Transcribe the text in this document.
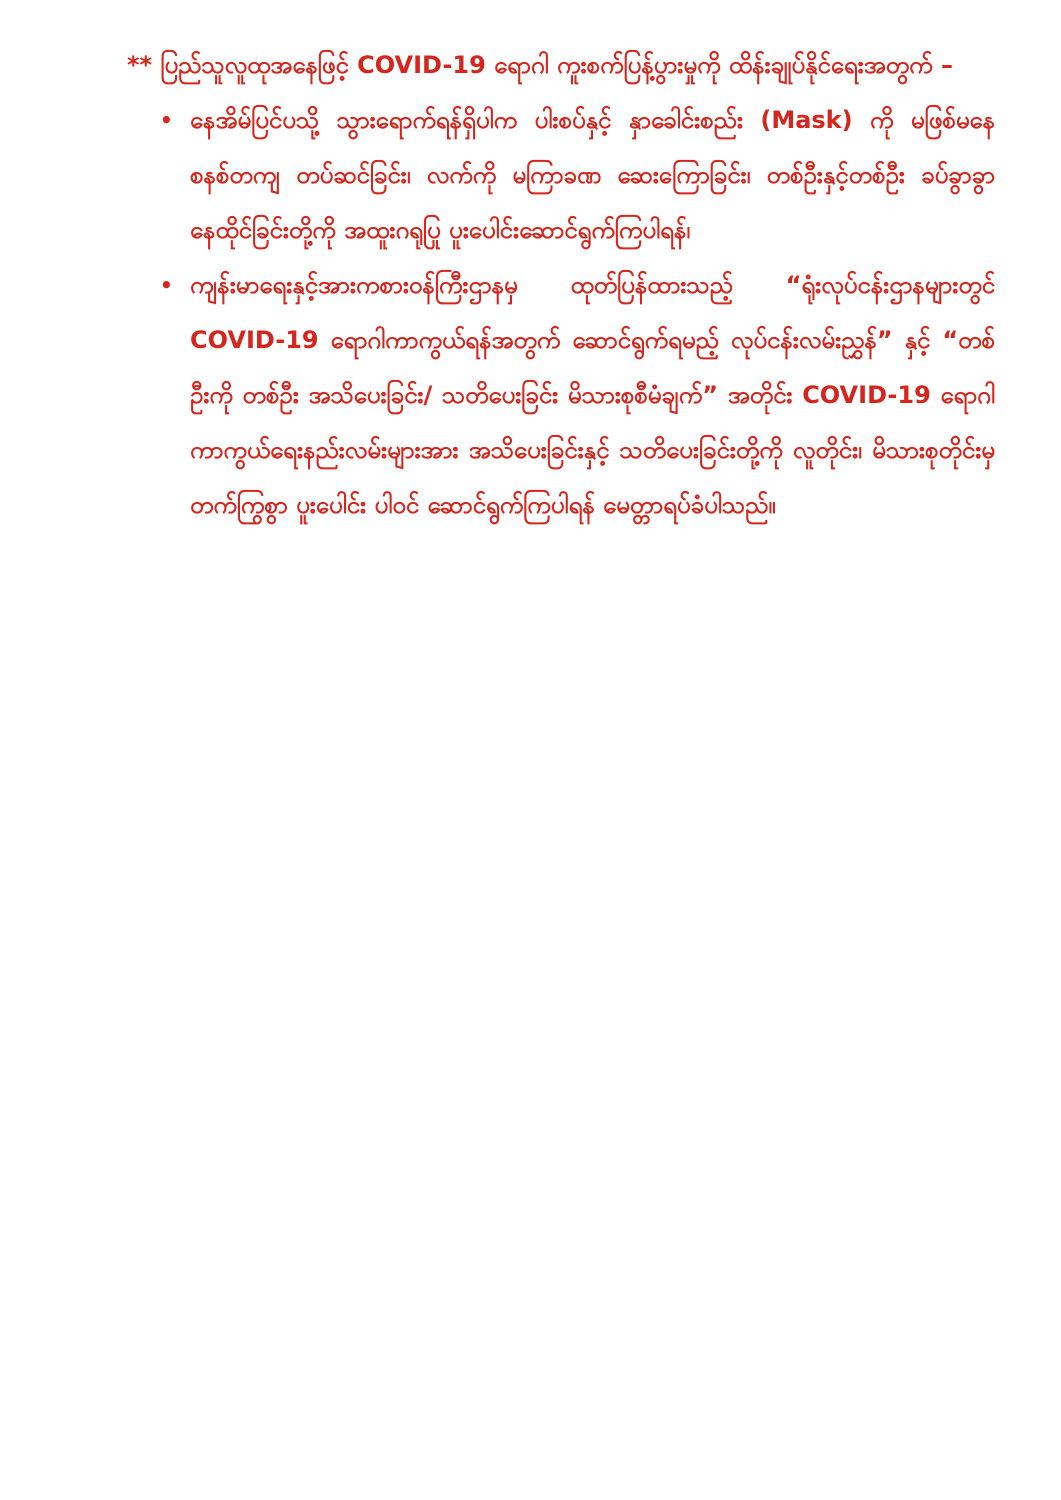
** ပြည်သူလူထုအနေဖြင့် COVID-19 ရောဂါ ကူးစက်ပြန့်ပွားမှုကို ထိန်းချုပ်နိုင်ရေးအတွက် –

• နေအိမ်ပြင်ပသို့ သွားရောက်ရန်ရှိပါက ပါးစပ်နှင့် နှာခေါင်းစည်း (Mask) ကို မဖြစ်မနေ စနစ်တကျ တပ်ဆင်ခြင်း၊ လက်ကို မကြာခဏ ဆေးကြောခြင်း၊ တစ်ဦးနှင့်တစ်ဦး ခပ်ခွာခွာ နေထိုင်ခြင်းတို့ကို အထူးဂရုပြု ပူးပေါင်းဆောင်ရွက်ကြပါရန်၊
• ကျန်းမာရေးနှင့်အားကစားဝန်ကြီးဌာနမှ ထုတ်ပြန်ထားသည့် “ရုံးလုပ်ငန်းဌာနများတွင် COVID-19 ရောဂါကာကွယ်ရန်အတွက် ဆောင်ရွက်ရမည့် လုပ်ငန်းလမ်းညွှန်” နှင့် “တစ်ဦးကို တစ်ဦး အသိပေးခြင်း/ သတိပေးခြင်း မိသားစုစီမံချက်” အတိုင်း COVID-19 ရောဂါ ကာကွယ်ရေးနည်းလမ်းများအား အသိပေးခြင်းနှင့် သတိပေးခြင်းတို့ကို လူတိုင်း၊ မိသားစုတိုင်းမှ တက်ကြွစွာ ပူးပေါင်း ပါဝင် ဆောင်ရွက်ကြပါရန် မေတ္တာရပ်ခံပါသည်။
